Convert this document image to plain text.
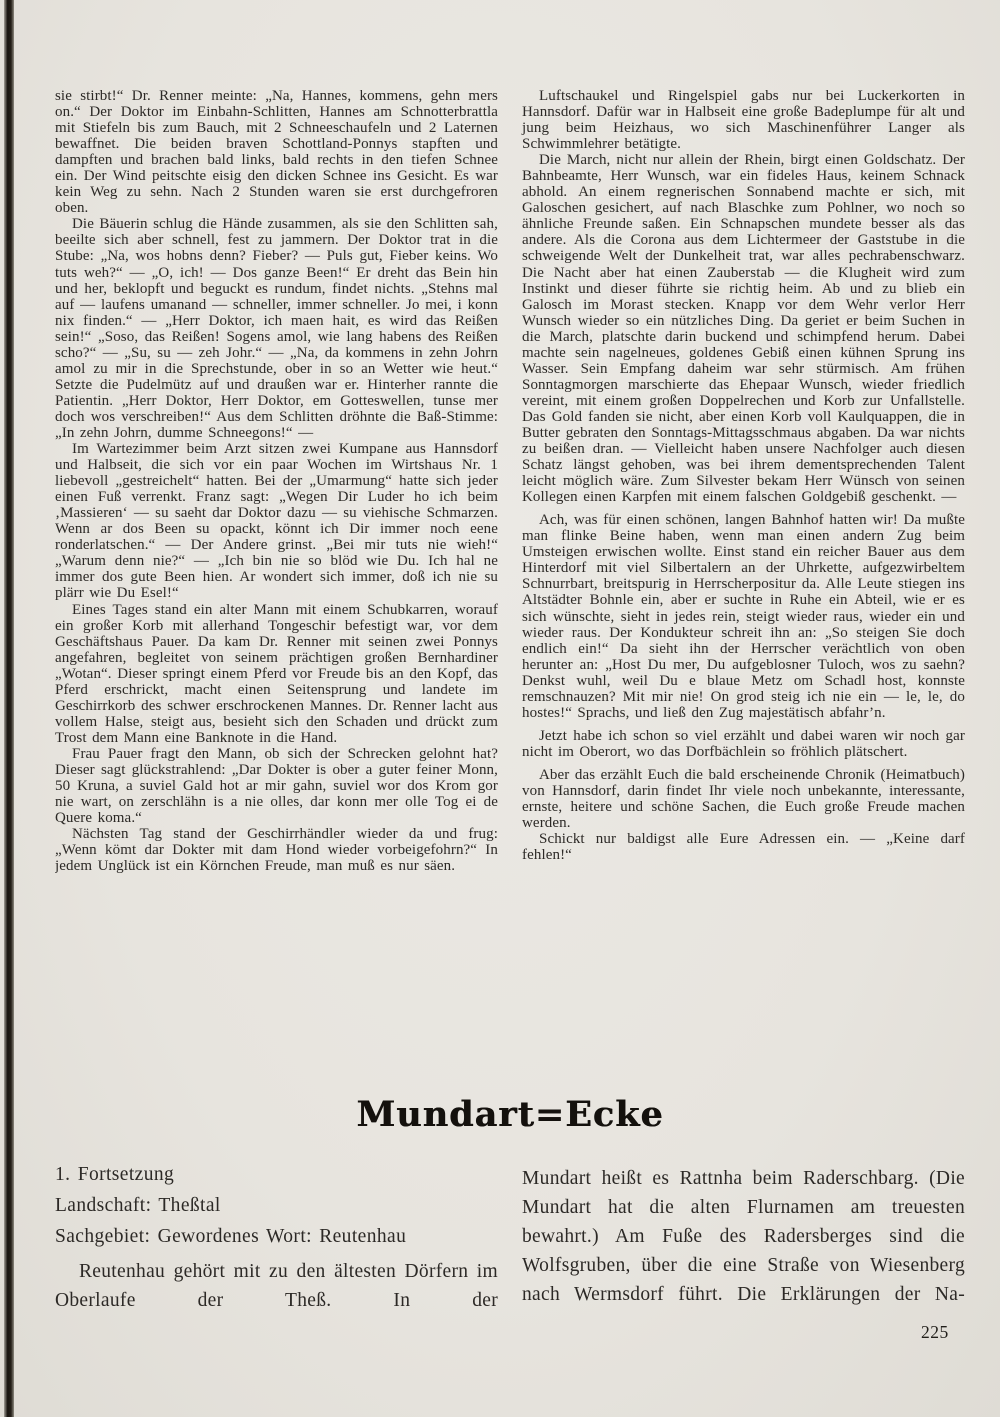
sie stirbt!“ Dr. Renner meinte: „Na, Hannes, kommens, gehn mers on.“ Der Doktor im Einbahn-Schlitten, Hannes am Schnotterbrattla mit Stiefeln bis zum Bauch, mit 2 Schneeschaufeln und 2 Laternen bewaffnet. Die beiden braven Schottland-Ponnys stapften und dampften und brachen bald links, bald rechts in den tiefen Schnee ein. Der Wind peitschte eisig den dicken Schnee ins Gesicht. Es war kein Weg zu sehn. Nach 2 Stunden waren sie erst durchgefroren oben.

Die Bäuerin schlug die Hände zusammen, als sie den Schlitten sah, beeilte sich aber schnell, fest zu jammern. Der Doktor trat in die Stube: „Na, wos hobns denn? Fieber? — Puls gut, Fieber keins. Wo tuts weh?“ — „O, ich! — Dos ganze Been!“ Er dreht das Bein hin und her, beklopft und beguckt es rundum, findet nichts. „Stehns mal auf — laufens umanand — schneller, immer schneller. Jo mei, i konn nix finden.“ — „Herr Doktor, ich maen hait, es wird das Reißen sein!“ „Soso, das Reißen! Sogens amol, wie lang habens des Reißen scho?“ — „Su, su — zeh Johr.“ — „Na, da kommens in zehn Johrn amol zu mir in die Sprechstunde, ober in so an Wetter wie heut.“ Setzte die Pudelmütz auf und draußen war er. Hinterher rannte die Patientin. „Herr Doktor, Herr Doktor, em Gotteswellen, tunse mer doch wos verschreiben!“ Aus dem Schlitten dröhnte die Baß-Stimme: „In zehn Johrn, dumme Schneegons!“ —

Im Wartezimmer beim Arzt sitzen zwei Kumpane aus Hannsdorf und Halbseit, die sich vor ein paar Wochen im Wirtshaus Nr. 1 liebevoll „gestreichelt“ hatten. Bei der „Umarmung“ hatte sich jeder einen Fuß verrenkt. Franz sagt: „Wegen Dir Luder ho ich beim ‚Massieren‘ — su saeht dar Doktor dazu — su viehische Schmarzen. Wenn ar dos Been su opackt, könnt ich Dir immer noch eene ronderlatschen.“ — Der Andere grinst. „Bei mir tuts nie wieh!“ „Warum denn nie?“ — „Ich bin nie so blöd wie Du. Ich hal ne immer dos gute Been hien. Ar wondert sich immer, doß ich nie su plärr wie Du Esel!“

Eines Tages stand ein alter Mann mit einem Schubkarren, worauf ein großer Korb mit allerhand Tongeschir befestigt war, vor dem Geschäftshaus Pauer. Da kam Dr. Renner mit seinen zwei Ponnys angefahren, begleitet von seinem prächtigen großen Bernhardiner „Wotan“. Dieser springt einem Pferd vor Freude bis an den Kopf, das Pferd erschrickt, macht einen Seitensprung und landete im Geschirrkorb des schwer erschrockenen Mannes. Dr. Renner lacht aus vollem Halse, steigt aus, besieht sich den Schaden und drückt zum Trost dem Mann eine Banknote in die Hand.

Frau Pauer fragt den Mann, ob sich der Schrecken gelohnt hat? Dieser sagt glückstrahlend: „Dar Dokter is ober a guter feiner Monn, 50 Kruna, a suviel Gald hot ar mir gahn, suviel wor dos Krom gor nie wart, on zerschlähn is a nie olles, dar konn mer olle Tog ei de Quere koma.“

Nächsten Tag stand der Geschirrhändler wieder da und frug: „Wenn kömt dar Dokter mit dam Hond wieder vorbeigefohrn?“ In jedem Unglück ist ein Körnchen Freude, man muß es nur säen.

Luftschaukel und Ringelspiel gabs nur bei Luckerkorten in Hannsdorf. Dafür war in Halbseit eine große Badeplumpe für alt und jung beim Heizhaus, wo sich Maschinenführer Langer als Schwimmlehrer betätigte.

Die March, nicht nur allein der Rhein, birgt einen Goldschatz. Der Bahnbeamte, Herr Wunsch, war ein fideles Haus, keinem Schnack abhold. An einem regnerischen Sonnabend machte er sich, mit Galoschen gesichert, auf nach Blaschke zum Pohlner, wo noch so ähnliche Freunde saßen. Ein Schnapschen mundete besser als das andere. Als die Corona aus dem Lichtermeer der Gaststube in die schweigende Welt der Dunkelheit trat, war alles pechrabenschwarz. Die Nacht aber hat einen Zauberstab — die Klugheit wird zum Instinkt und dieser führte sie richtig heim. Ab und zu blieb ein Galosch im Morast stecken. Knapp vor dem Wehr verlor Herr Wunsch wieder so ein nützliches Ding. Da geriet er beim Suchen in die March, platschte darin buckend und schimpfend herum. Dabei machte sein nagelneues, goldenes Gebiß einen kühnen Sprung ins Wasser. Sein Empfang daheim war sehr stürmisch. Am frühen Sonntagmorgen marschierte das Ehepaar Wunsch, wieder friedlich vereint, mit einem großen Doppelrechen und Korb zur Unfallstelle. Das Gold fanden sie nicht, aber einen Korb voll Kaulquappen, die in Butter gebraten den Sonntags-Mittagsschmaus abgaben. Da war nichts zu beißen dran. — Vielleicht haben unsere Nachfolger auch diesen Schatz längst gehoben, was bei ihrem dementsprechenden Talent leicht möglich wäre. Zum Silvester bekam Herr Wünsch von seinen Kollegen einen Karpfen mit einem falschen Goldgebiß geschenkt. —

Ach, was für einen schönen, langen Bahnhof hatten wir! Da mußte man flinke Beine haben, wenn man einen andern Zug beim Umsteigen erwischen wollte. Einst stand ein reicher Bauer aus dem Hinterdorf mit viel Silbertalern an der Uhrkette, aufgezwirbeltem Schnurrbart, breitspurig in Herrscherpositur da. Alle Leute stiegen ins Altstädter Bohnle ein, aber er suchte in Ruhe ein Abteil, wie er es sich wünschte, sieht in jedes rein, steigt wieder raus, wieder ein und wieder raus. Der Kondukteur schreit ihn an: „So steigen Sie doch endlich ein!“ Da sieht ihn der Herrscher verächtlich von oben herunter an: „Host Du mer, Du aufgeblosner Tuloch, wos zu saehn? Denkst wuhl, weil Du e blaue Metz om Schadl host, konnste remschnauzen? Mit mir nie! On grod steig ich nie ein — le, le, do hostes!“ Sprachs, und ließ den Zug majestätisch abfahr’n.

Jetzt habe ich schon so viel erzählt und dabei waren wir noch gar nicht im Oberort, wo das Dorfbächlein so fröhlich plätschert.

Aber das erzählt Euch die bald erscheinende Chronik (Heimatbuch) von Hannsdorf, darin findet Ihr viele noch unbekannte, interessante, ernste, heitere und schöne Sachen, die Euch große Freude machen werden.

Schickt nur baldigst alle Eure Adressen ein. — „Keine darf fehlen!“

Mundart=Ecke

1. Fortsetzung

Landschaft: Theßtal

Sachgebiet: Gewordenes Wort: Reutenhau

Reutenhau gehört mit zu den ältesten Dörfern im Oberlaufe der Theß. In der

Mundart heißt es Rattnha beim Raderschbarg. (Die Mundart hat die alten Flurnamen am treuesten bewahrt.) Am Fuße des Radersberges sind die Wolfsgruben, über die eine Straße von Wiesenberg nach Wermsdorf führt. Die Erklärungen der Na-

225
